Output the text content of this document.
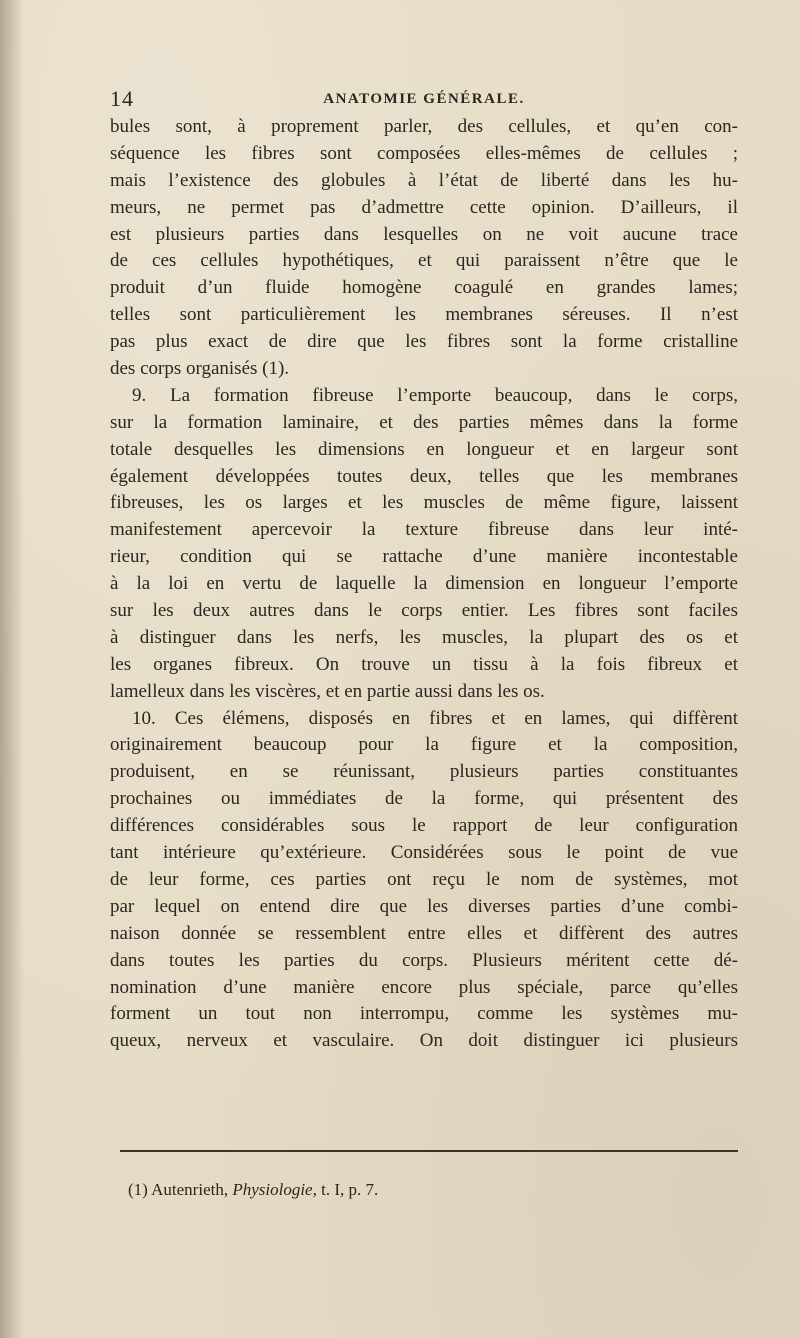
14	ANATOMIE GÉNÉRALE.
bules sont, à proprement parler, des cellules, et qu’en con-
séquence les fibres sont composées elles-mêmes de cellules ;
mais l’existence des globules à l’état de liberté dans les hu-
meurs, ne permet pas d’admettre cette opinion. D’ailleurs, il
est plusieurs parties dans lesquelles on ne voit aucune trace
de ces cellules hypothétiques, et qui paraissent n’être que le
produit d’un fluide homogène coagulé en grandes lames;
telles sont particulièrement les membranes séreuses. Il n’est
pas plus exact de dire que les fibres sont la forme cristalline
des corps organisés (1).
9. La formation fibreuse l’emporte beaucoup, dans le corps,
sur la formation laminaire, et des parties mêmes dans la forme
totale desquelles les dimensions en longueur et en largeur sont
également développées toutes deux, telles que les membranes
fibreuses, les os larges et les muscles de même figure, laissent
manifestement apercevoir la texture fibreuse dans leur inté-
rieur, condition qui se rattache d’une manière incontestable
à la loi en vertu de laquelle la dimension en longueur l’emporte
sur les deux autres dans le corps entier. Les fibres sont faciles
à distinguer dans les nerfs, les muscles, la plupart des os et
les organes fibreux. On trouve un tissu à la fois fibreux et
lamelleux dans les viscères, et en partie aussi dans les os.
10. Ces élémens, disposés en fibres et en lames, qui diffèrent
originairement beaucoup pour la figure et la composition,
produisent, en se réunissant, plusieurs parties constituantes
prochaines ou immédiates de la forme, qui présentent des
différences considérables sous le rapport de leur configuration
tant intérieure qu’extérieure. Considérées sous le point de vue
de leur forme, ces parties ont reçu le nom de systèmes, mot
par lequel on entend dire que les diverses parties d’une combi-
naison donnée se ressemblent entre elles et diffèrent des autres
dans toutes les parties du corps. Plusieurs méritent cette dé-
nomination d’une manière encore plus spéciale, parce qu’elles
forment un tout non interrompu, comme les systèmes mu-
queux, nerveux et vasculaire. On doit distinguer ici plusieurs
(1) Autenrieth, Physiologie, t. I, p. 7.
